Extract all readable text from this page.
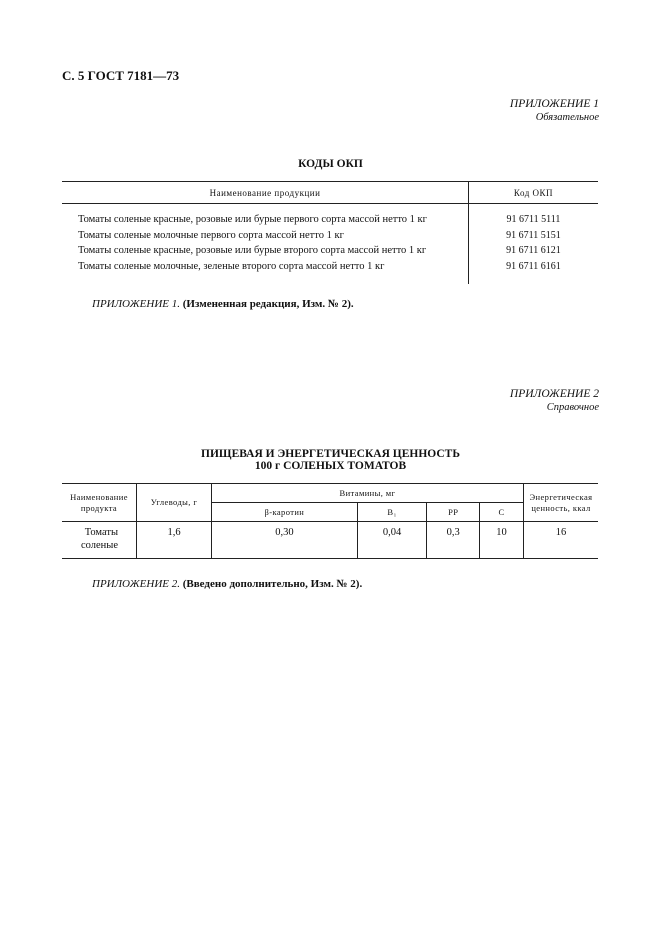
С. 5 ГОСТ 7181—73
ПРИЛОЖЕНИЕ 1
Обязательное
КОДЫ ОКП
Наименование продукции	Код ОКП
Томаты соленые красные, розовые или бурые первого сорта массой нетто 1 кг	91 6711 5111
Томаты соленые молочные первого сорта массой нетто 1 кг	91 6711 5151
Томаты соленые красные, розовые или бурые второго сорта массой нетто 1 кг	91 6711 6121
Томаты соленые молочные, зеленые второго сорта массой нетто 1 кг	91 6711 6161
ПРИЛОЖЕНИЕ 1. (Измененная редакция, Изм. № 2).
ПРИЛОЖЕНИЕ 2
Справочное
ПИЩЕВАЯ И ЭНЕРГЕТИЧЕСКАЯ ЦЕННОСТЬ
100 г СОЛЕНЫХ ТОМАТОВ
Наименование продукта	Углеводы, г	Витамины, мг				Энергетическая ценность, ккал
		β-каротин	B₁	PP	C	
Томаты соленые	1,6	0,30	0,04	0,3	10	16
ПРИЛОЖЕНИЕ 2. (Введено дополнительно, Изм. № 2).
